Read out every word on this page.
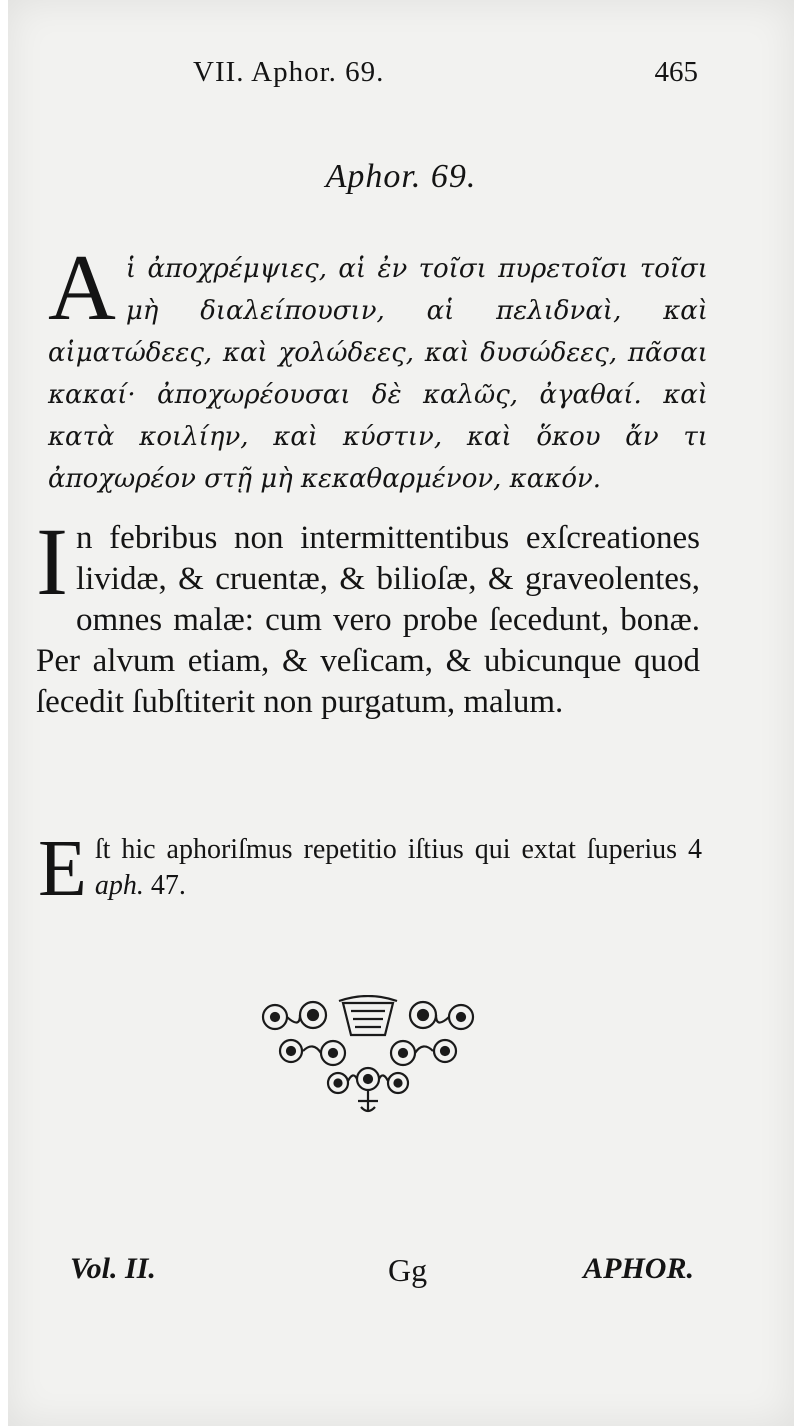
VII. Aphor. 69.	465
Aphor. 69.
Aἱ ἀποχρέμψιες, αἱ ἐν τοῖσι πυρετοῖσι τοῖσι μὴ διαλείπουσιν, αἱ πελιδναὶ, καὶ αἱματώδεες, καὶ χολώδεες, καὶ δυσώδεες, πᾶσαι κακαί· ἀποχωρέουσαι δὲ καλῶς, ἀγαθαί. καὶ κατὰ κοιλίην, καὶ κύστιν, καὶ ὅκου ἄν τι ἀποχωρέον στῇ μὴ κεκαθαρμένον, κακόν.
In febribus non intermittentibus exſcreationes lividæ, & cruentæ, & bilioſæ, & graveolentes, omnes malæ: cum vero probe ſecedunt, bonæ. Per alvum etiam, & veſicam, & ubicunque quod ſecedit ſubſtiterit non purgatum, malum.
Eſt hic aphoriſmus repetitio iſtius qui extat ſuperius 4 aph. 47.
Vol. II.	Gg	APHOR.
